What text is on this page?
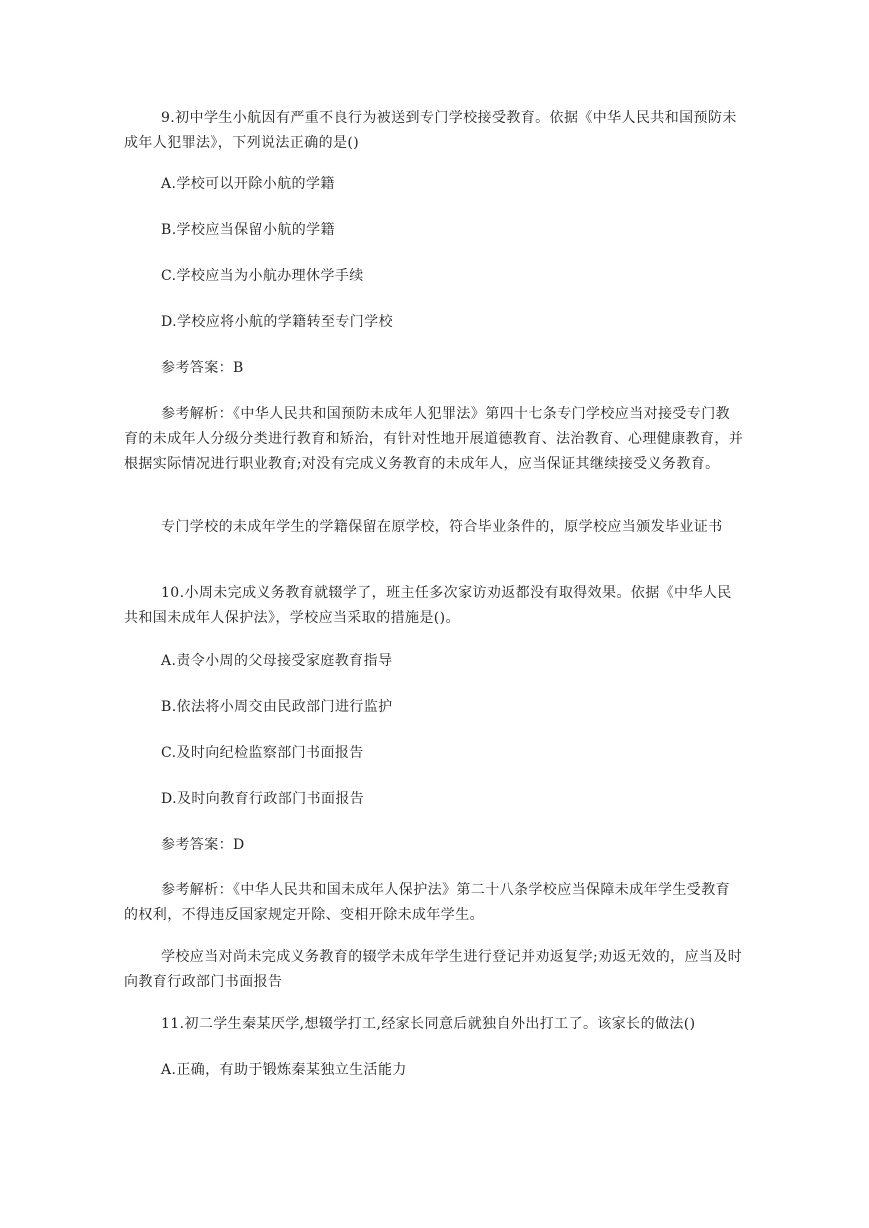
9.初中学生小航因有严重不良行为被送到专门学校接受教育。依据《中华人民共和国预防未成年人犯罪法》，下列说法正确的是()

A.学校可以开除小航的学籍

B.学校应当保留小航的学籍

C.学校应当为小航办理休学手续

D.学校应将小航的学籍转至专门学校

参考答案：B

参考解析：《中华人民共和国预防未成年人犯罪法》第四十七条专门学校应当对接受专门教育的未成年人分级分类进行教育和矫治，有针对性地开展道德教育、法治教育、心理健康教育，并根据实际情况进行职业教育;对没有完成义务教育的未成年人，应当保证其继续接受义务教育。

专门学校的未成年学生的学籍保留在原学校，符合毕业条件的，原学校应当颁发毕业证书

10.小周未完成义务教育就辍学了，班主任多次家访劝返都没有取得效果。依据《中华人民共和国未成年人保护法》，学校应当采取的措施是()。

A.责令小周的父母接受家庭教育指导

B.依法将小周交由民政部门进行监护

C.及时向纪检监察部门书面报告

D.及时向教育行政部门书面报告

参考答案：D

参考解析：《中华人民共和国未成年人保护法》第二十八条学校应当保障未成年学生受教育的权利，不得违反国家规定开除、变相开除未成年学生。

学校应当对尚未完成义务教育的辍学未成年学生进行登记并劝返复学;劝返无效的，应当及时向教育行政部门书面报告

11.初二学生秦某厌学,想辍学打工,经家长同意后就独自外出打工了。该家长的做法()

A.正确，有助于锻炼秦某独立生活能力
